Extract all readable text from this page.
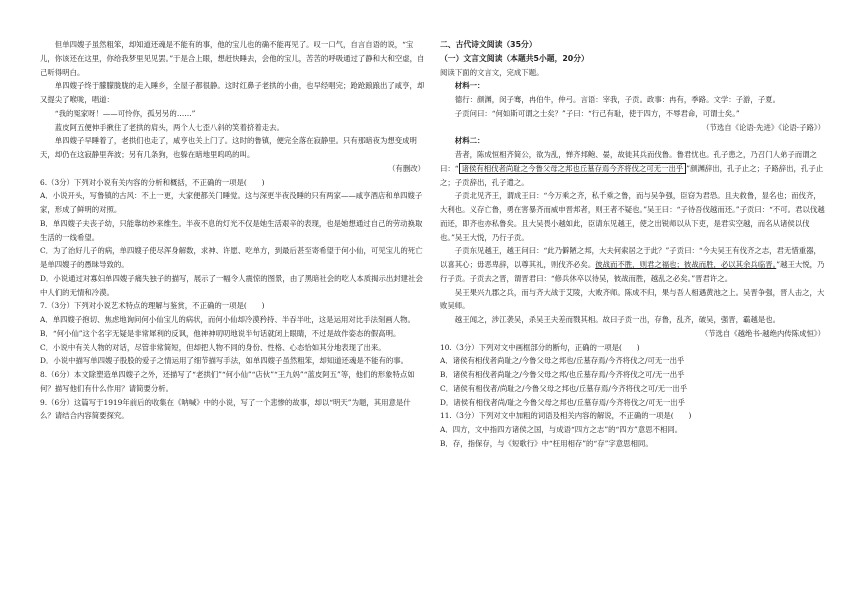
但单四嫂子虽然粗笨，却知道还魂是不能有的事，他的宝儿也的确不能再见了。叹一口气，自言自语的说，“宝儿，你该还在这里，你给我梦里见见罢。”于是合上眼，想赶快睡去，会他的宝儿，苦苦的呼吸通过了静和大和空虚，自己听得明白。

单四嫂子终于朦朦胧胧的走入睡乡，全屋子都很静。这时红鼻子老拱的小曲，也早经唱完；跄跄踉踉出了咸亨，却又提尖了喉咙，唱道：

“我的冤家呀！——可怜你，孤另另的……”

蓝皮阿五便伸手揪住了老拱的肩头，两个人七歪八斜的笑着挤着走去。

单四嫂子早睡着了，老拱们也走了，咸亨也关上门了。这时的鲁镇，便完全落在寂静里。只有那暗夜为想变成明天，却仍在这寂静里奔波；另有几条狗，也躲在暗地里呜呜的叫。

（有删改）

6.（3分）下列对小说有关内容的分析和概括，不正确的一项是(　　)

A．小说开头，写鲁镇的古风：不上一更，大家便都关门睡觉。这与深更半夜没睡的只有两家——咸亨酒店和单四嫂子家，形成了鲜明的对照。

B．单四嫂子夫丧子幼，只能靠纺纱来维生。半夜不息的灯光不仅是她生活艰辛的表现，也是她想通过自己的劳动换取生活的一线希望。

C．为了治好儿子的病，单四嫂子使尽浑身解数，求神、许愿、吃单方，到最后甚至寄希望于何小仙，可见宝儿的死亡是单四嫂子的愚昧导致的。

D．小说通过对寡妇单四嫂子痛失独子的描写，展示了一幅令人震惊的图景，由了黑暗社会的吃人本质揭示出封建社会中人们的无情和冷漠。

7.（3分）下列对小说艺术特点的理解与鉴赏，不正确的一项是(　　)

A．单四嫂子抱切、焦虑地询问何小仙宝儿的病状，而何小仙却冷漠矜持、半吞半吐，这是运用对比手法刻画人物。

B．“何小仙”这个名字无疑是非常犀利的反讽，他神神叨叨地说半句话就闭上眼睛，不过是故作姿态的假高明。

C．小说中有关人物的对话，尽管非常简短，但却把人物不同的身份、性格、心态恰如其分地表现了出来。

D．小说中描写单四嫂子股股的爱子之情运用了细节描写手法，如单四嫂子虽然粗笨，却知道还魂是不能有的事。

8.（6分）本文除塑造单四嫂子之外，还描写了“老拱们”“何小仙”“店伙”“王九妈”“蓝皮阿五”等，他们的形象特点如何？描写他们有什么作用？请简要分析。

9.（6分）这篇写于1919年前后的收集在《呐喊》中的小说，写了一个悲惨的故事，却以“明天”为题，其用意是什么？请结合内容简要探究。

二、古代诗文阅读（35分）

（一）文言文阅读（本题共5小题，20分）

阅读下面的文言文，完成下题。

材料一：

德行：颜渊，闵子骞，冉伯牛，仲弓。言语：宰我，子贡。政事：冉有，季路。文学：子游，子夏。

子贡问曰：“何如斯可谓之士矣？”子曰：“行己有耻，使于四方，不辱君命，可谓士矣。”

（节选自《论语·先进》《论语·子路》）

材料二：

昔者，陈成恒相齐简公，欲为乱，惮齐邦鲍、晏，故徙其兵而伐鲁。鲁君忧也。孔子患之，乃召门人弟子而谓之曰：“ 诸侯有相伐者尚耻之今鲁父母之邦也丘墓存焉今齐将伐之可无一出乎 ”颜渊辞出，孔子止之；子路辞出，孔子止之；子贡辞出，孔子遣之。

子贡北见齐王，谓成王曰：“今万乘之齐，私千乘之鲁，而与吴争强，臣窃为君恐。且夫救鲁，显名也；而伐齐，大利也。义存亡鲁，勇在害暴齐而威申晋邦者，则王者不疑也。”吴王曰：“子待吾伐越而还。”子贡曰：“不可。君以伐越而还，即齐也亦私鲁矣。且大吴畏小越如此，臣请东见越王，使之出锐师以从下吏，是君实空越，而名从诸侯以伐也。”吴王大悦，乃行子贡。

子贡东见越王，越王问曰：“此乃僻陋之邦，大夫何索居之于此？”子贡曰：“今夫吴王有伐齐之志，君无惜重器，以喜其心；毋恶卑辞，以尊其礼，则伐齐必矣。彼战而不胜，则君之福也；彼战而胜，必以其余兵临晋。”越王大悦，乃行子贡。子贡去之晋，谓晋君曰：“修兵休卒以待吴，彼战而胜，越乱之必矣。”晋君许之。

吴王果兴九郡之兵，而与齐大战于艾陵，大败齐师。陈成不归，果与吾人相遇黄池之上。吴晋争强，晋人击之，大败吴师。

越王闻之，涉江袭吴，杀吴王夫差而戮其相。故曰子贡一出，存鲁，乱齐，破吴，强晋，霸越是也。

（节选自《越绝书·越绝内传陈成恒》）

10.（3分）下列对文中画框部分的断句，正确的一项是(　　)

A．诸侯有相伐者尚耻之/今鲁父母之邦也/丘墓存焉/今齐将伐之/可无一出乎

B．诸侯有相伐者尚耻之/今鲁父母之邦/也丘墓存焉/今齐将伐之可/无一出乎

C．诸侯有相伐者/尚耻之/今鲁父母之邦也/丘墓存焉/今齐将伐之可/无一出乎

D．诸侯有相伐者尚/耻之今鲁父母之邦也/丘墓存焉/今齐将伐之/可无一出乎

11.（3分）下列对文中加粗的词语及相关内容的解说，不正确的一项是(　　)

A．四方，文中指四方诸侯之国，与成语“四方之志”的“四方”意思不相同。

B．存，指保存，与《短歌行》中“枉用相存”的“存”字意思相同。
